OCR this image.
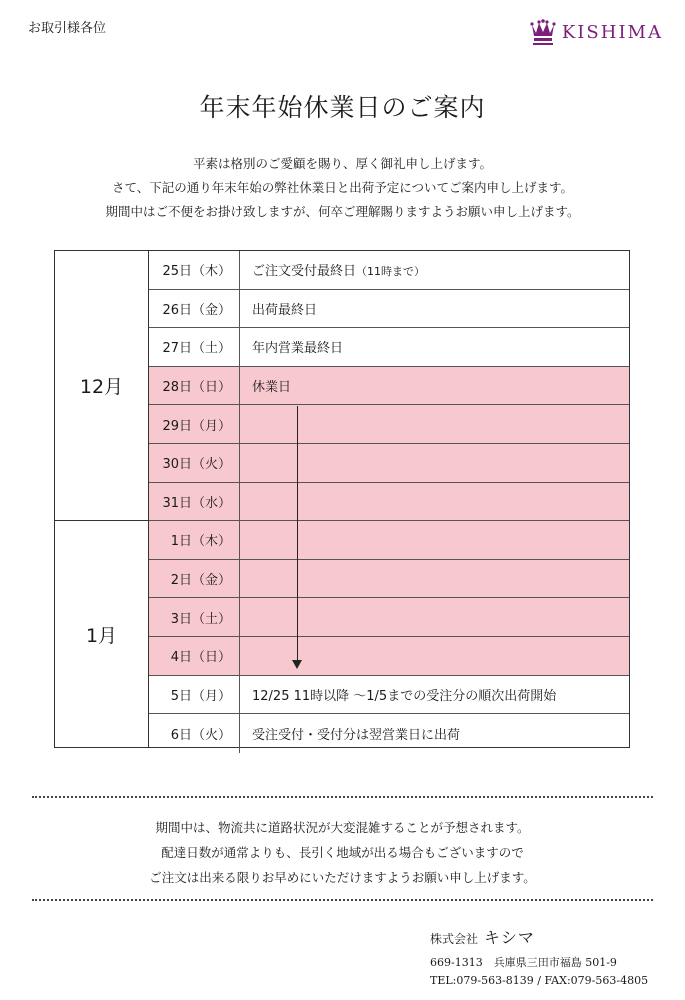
お取引様各位	KISHIMA
年末年始休業日のご案内
平素は格別のご愛顧を賜り、厚く御礼申し上げます。
さて、下記の通り年末年始の弊社休業日と出荷予定についてご案内申し上げます。
期間中はご不便をお掛け致しますが、何卒ご理解賜りますようお願い申し上げます。
12月
1月
25日（木）	ご注文受付最終日（11時まで）
26日（金）	出荷最終日
27日（土）	年内営業最終日
28日（日）	休業日
29日（月）
30日（火）
31日（水）
1日（木）
2日（金）
3日（土）
4日（日）
5日（月）	12/25 11時以降 〜1/5までの受注分の順次出荷開始
6日（火）	受注受付・受付分は翌営業日に出荷
期間中は、物流共に道路状況が大変混雑することが予想されます。
配達日数が通常よりも、長引く地域が出る場合もございますので
ご注文は出来る限りお早めにいただけますようお願い申し上げます。
株式会社 キシマ
669-1313　兵庫県三田市福島 501-9
TEL:079-563-8139 / FAX:079-563-4805
